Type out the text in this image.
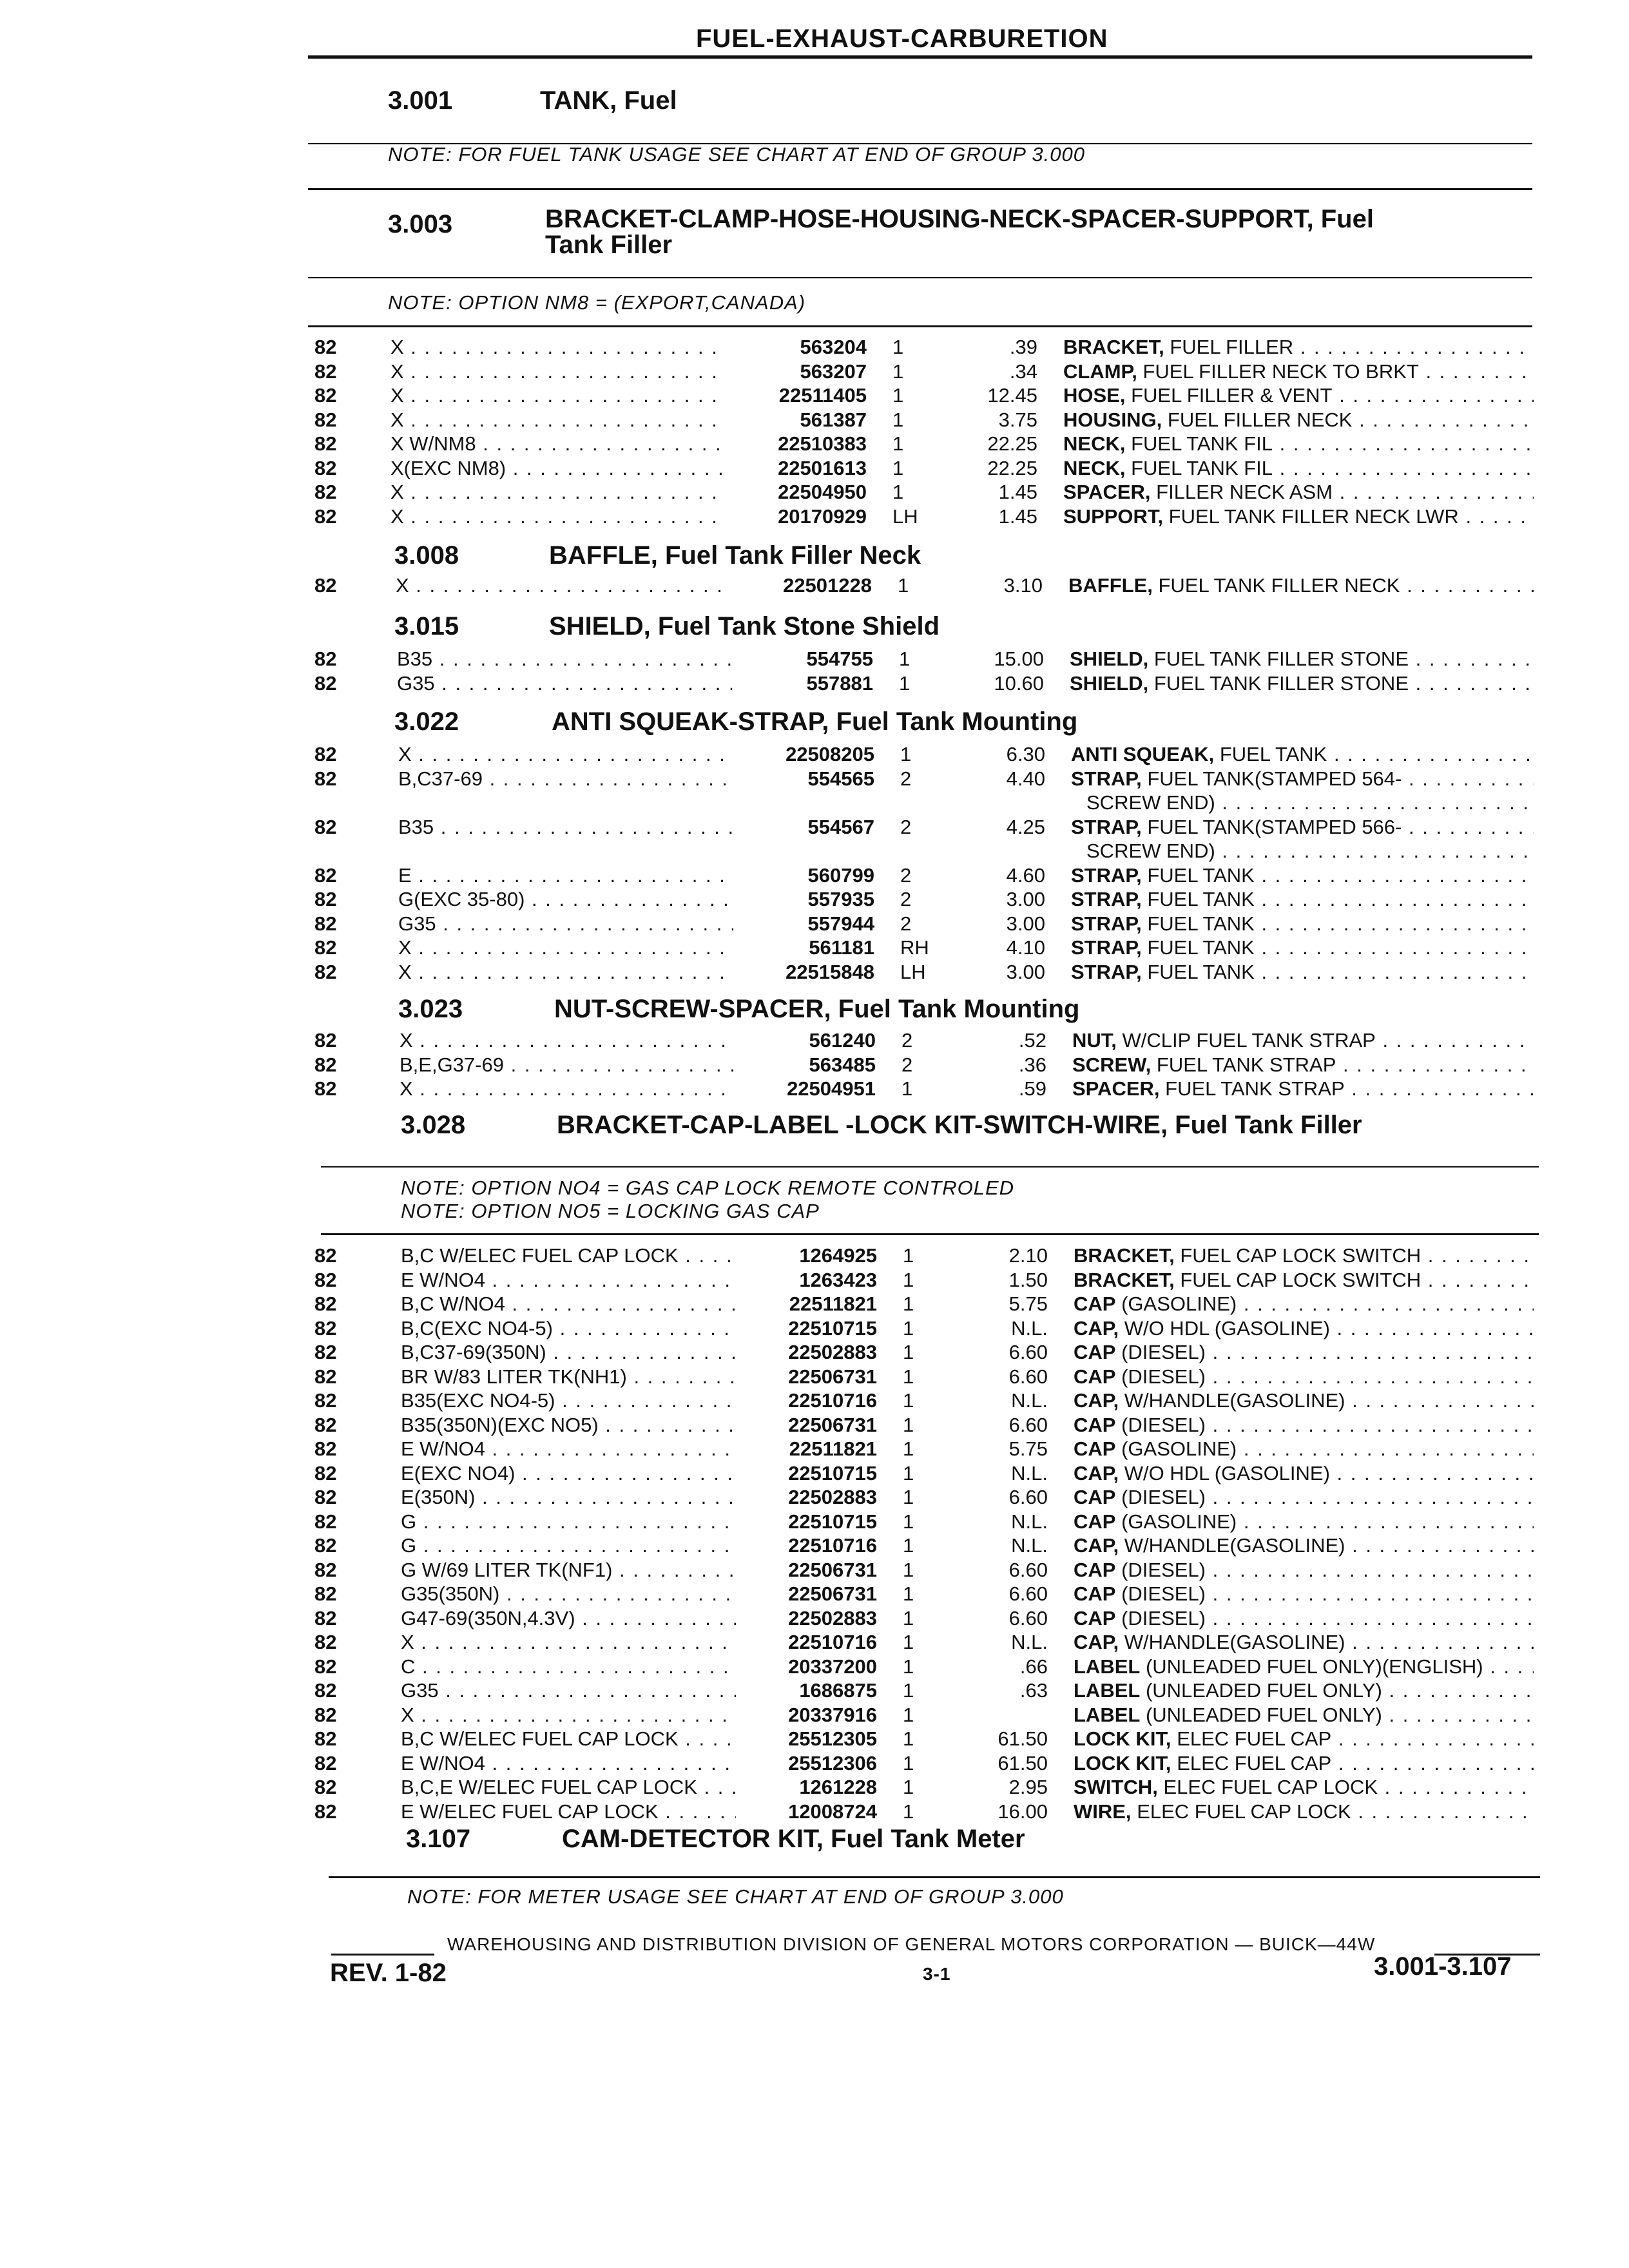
FUEL-EXHAUST-CARBURETION
3.001	TANK, Fuel
NOTE: FOR FUEL TANK USAGE SEE CHART AT END OF GROUP 3.000
3.003	BRACKET-CLAMP-HOSE-HOUSING-NECK-SPACER-SUPPORT, Fuel
Tank Filler
NOTE: OPTION NM8 = (EXPORT,CANADA)
82	X . . .	563204 1	.39 BRACKET, FUEL FILLER . . .
82	X . . .	563207 1	.34 CLAMP, FUEL FILLER NECK TO BRKT . . .
82	X . . .	22511405 1	12.45 HOSE, FUEL FILLER & VENT . . .
82	X . . .	561387 1	3.75 HOUSING, FUEL FILLER NECK . . .
82	X W/NM8 . . .	22510383 1	22.25 NECK, FUEL TANK FIL . . .
82	X(EXC NM8) . . .	22501613 1	22.25 NECK, FUEL TANK FIL . . .
82	X . . .	22504950 1	1.45 SPACER, FILLER NECK ASM . . .
82	X . . .	20170929 LH	1.45 SUPPORT, FUEL TANK FILLER NECK LWR . . .
3.008	BAFFLE, Fuel Tank Filler Neck
82	X . . .	22501228 1	3.10 BAFFLE, FUEL TANK FILLER NECK . . .
3.015	SHIELD, Fuel Tank Stone Shield
82	B35 . . .	554755 1	15.00 SHIELD, FUEL TANK FILLER STONE . . .
82	G35 . . .	557881 1	10.60 SHIELD, FUEL TANK FILLER STONE . . .
3.022	ANTI SQUEAK-STRAP, Fuel Tank Mounting
82	X . . .	22508205 1	6.30 ANTI SQUEAK, FUEL TANK . . .
82	B,C37-69 . . .	554565 2	4.40 STRAP, FUEL TANK(STAMPED 564- . . .
SCREW END) . . .
82	B35 . . .	554567 2	4.25 STRAP, FUEL TANK(STAMPED 566- . . .
SCREW END) . . .
82	E . . .	560799 2	4.60 STRAP, FUEL TANK . . .
82	G(EXC 35-80) . . .	557935 2	3.00 STRAP, FUEL TANK . . .
82	G35 . . .	557944 2	3.00 STRAP, FUEL TANK . . .
82	X . . .	561181 RH	4.10 STRAP, FUEL TANK . . .
82	X . . .	22515848 LH	3.00 STRAP, FUEL TANK . . .
3.023	NUT-SCREW-SPACER, Fuel Tank Mounting
82	X . . .	561240 2	.52 NUT, W/CLIP FUEL TANK STRAP . . .
82	B,E,G37-69 . . .	563485 2	.36 SCREW, FUEL TANK STRAP . . .
82	X . . .	22504951 1	.59 SPACER, FUEL TANK STRAP . . .
3.028	BRACKET-CAP-LABEL -LOCK KIT-SWITCH-WIRE, Fuel Tank Filler
NOTE: OPTION NO4 = GAS CAP LOCK REMOTE CONTROLED
NOTE: OPTION NO5 = LOCKING GAS CAP
82	B,C W/ELEC FUEL CAP LOCK . . .	1264925 1	2.10 BRACKET, FUEL CAP LOCK SWITCH . . .
82	E W/NO4 . . .	1263423 1	1.50 BRACKET, FUEL CAP LOCK SWITCH . . .
82	B,C W/NO4 . . .	22511821 1	5.75 CAP (GASOLINE) . . .
82	B,C(EXC NO4-5) . . .	22510715 1	N.L. CAP, W/O HDL (GASOLINE) . . .
82	B,C37-69(350N) . . .	22502883 1	6.60 CAP (DIESEL) . . .
82	BR W/83 LITER TK(NH1) . . .	22506731 1	6.60 CAP (DIESEL) . . .
82	B35(EXC NO4-5) . . .	22510716 1	N.L. CAP, W/HANDLE(GASOLINE) . . .
82	B35(350N)(EXC NO5) . . .	22506731 1	6.60 CAP (DIESEL) . . .
82	E W/NO4 . . .	22511821 1	5.75 CAP (GASOLINE) . . .
82	E(EXC NO4) . . .	22510715 1	N.L. CAP, W/O HDL (GASOLINE) . . .
82	E(350N) . . .	22502883 1	6.60 CAP (DIESEL) . . .
82	G . . .	22510715 1	N.L. CAP (GASOLINE) . . .
82	G . . .	22510716 1	N.L. CAP, W/HANDLE(GASOLINE) . . .
82	G W/69 LITER TK(NF1) . . .	22506731 1	6.60 CAP (DIESEL) . . .
82	G35(350N) . . .	22506731 1	6.60 CAP (DIESEL) . . .
82	G47-69(350N,4.3V) . . .	22502883 1	6.60 CAP (DIESEL) . . .
82	X . . .	22510716 1	N.L. CAP, W/HANDLE(GASOLINE) . . .
82	C . . .	20337200 1	.66 LABEL (UNLEADED FUEL ONLY)(ENGLISH) . . .
82	G35 . . .	1686875 1	.63 LABEL (UNLEADED FUEL ONLY) . . .
82	X . . .	20337916 1	LABEL (UNLEADED FUEL ONLY) . . .
82	B,C W/ELEC FUEL CAP LOCK . . .	25512305 1	61.50 LOCK KIT, ELEC FUEL CAP . . .
82	E W/NO4 . . .	25512306 1	61.50 LOCK KIT, ELEC FUEL CAP . . .
82	B,C,E W/ELEC FUEL CAP LOCK . . .	1261228 1	2.95 SWITCH, ELEC FUEL CAP LOCK . . .
82	E W/ELEC FUEL CAP LOCK . . .	12008724 1	16.00 WIRE, ELEC FUEL CAP LOCK . . .
3.107	CAM-DETECTOR KIT, Fuel Tank Meter
NOTE: FOR METER USAGE SEE CHART AT END OF GROUP 3.000
WAREHOUSING AND DISTRIBUTION DIVISION OF GENERAL MOTORS CORPORATION — BUICK—44W
REV. 1-82	3-1	3.001-3.107
